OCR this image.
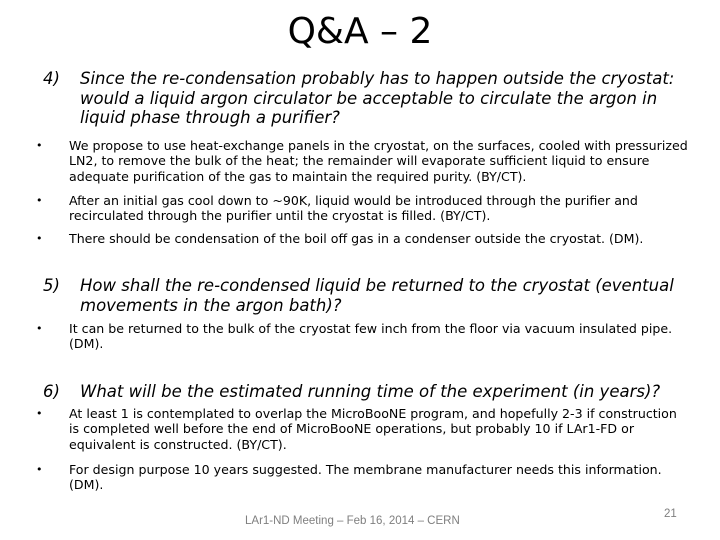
Q&A – 2
4) Since the re-condensation probably has to happen outside the cryostat: would a liquid argon circulator be acceptable to circulate the argon in liquid phase through a purifier?
• We propose to use heat-exchange panels in the cryostat, on the surfaces, cooled with pressurized LN2, to remove the bulk of the heat; the remainder will evaporate sufficient liquid to ensure adequate purification of the gas to maintain the required purity. (BY/CT).
• After an initial gas cool down to ~90K, liquid would be introduced through the purifier and recirculated through the purifier until the cryostat is filled. (BY/CT).
• There should be condensation of the boil off gas in a condenser outside the cryostat. (DM).
5) How shall the re-condensed liquid be returned to the cryostat (eventual movements in the argon bath)?
• It can be returned to the bulk of the cryostat few inch from the floor via vacuum insulated pipe. (DM).
6) What will be the estimated running time of the experiment (in years)?
• At least 1 is contemplated to overlap the MicroBooNE program, and hopefully 2-3 if construction is completed well before the end of MicroBooNE operations, but probably 10 if LAr1-FD or equivalent is constructed. (BY/CT).
• For design purpose 10 years suggested. The membrane manufacturer needs this information. (DM).
LAr1-ND Meeting – Feb 16, 2014 – CERN
21
